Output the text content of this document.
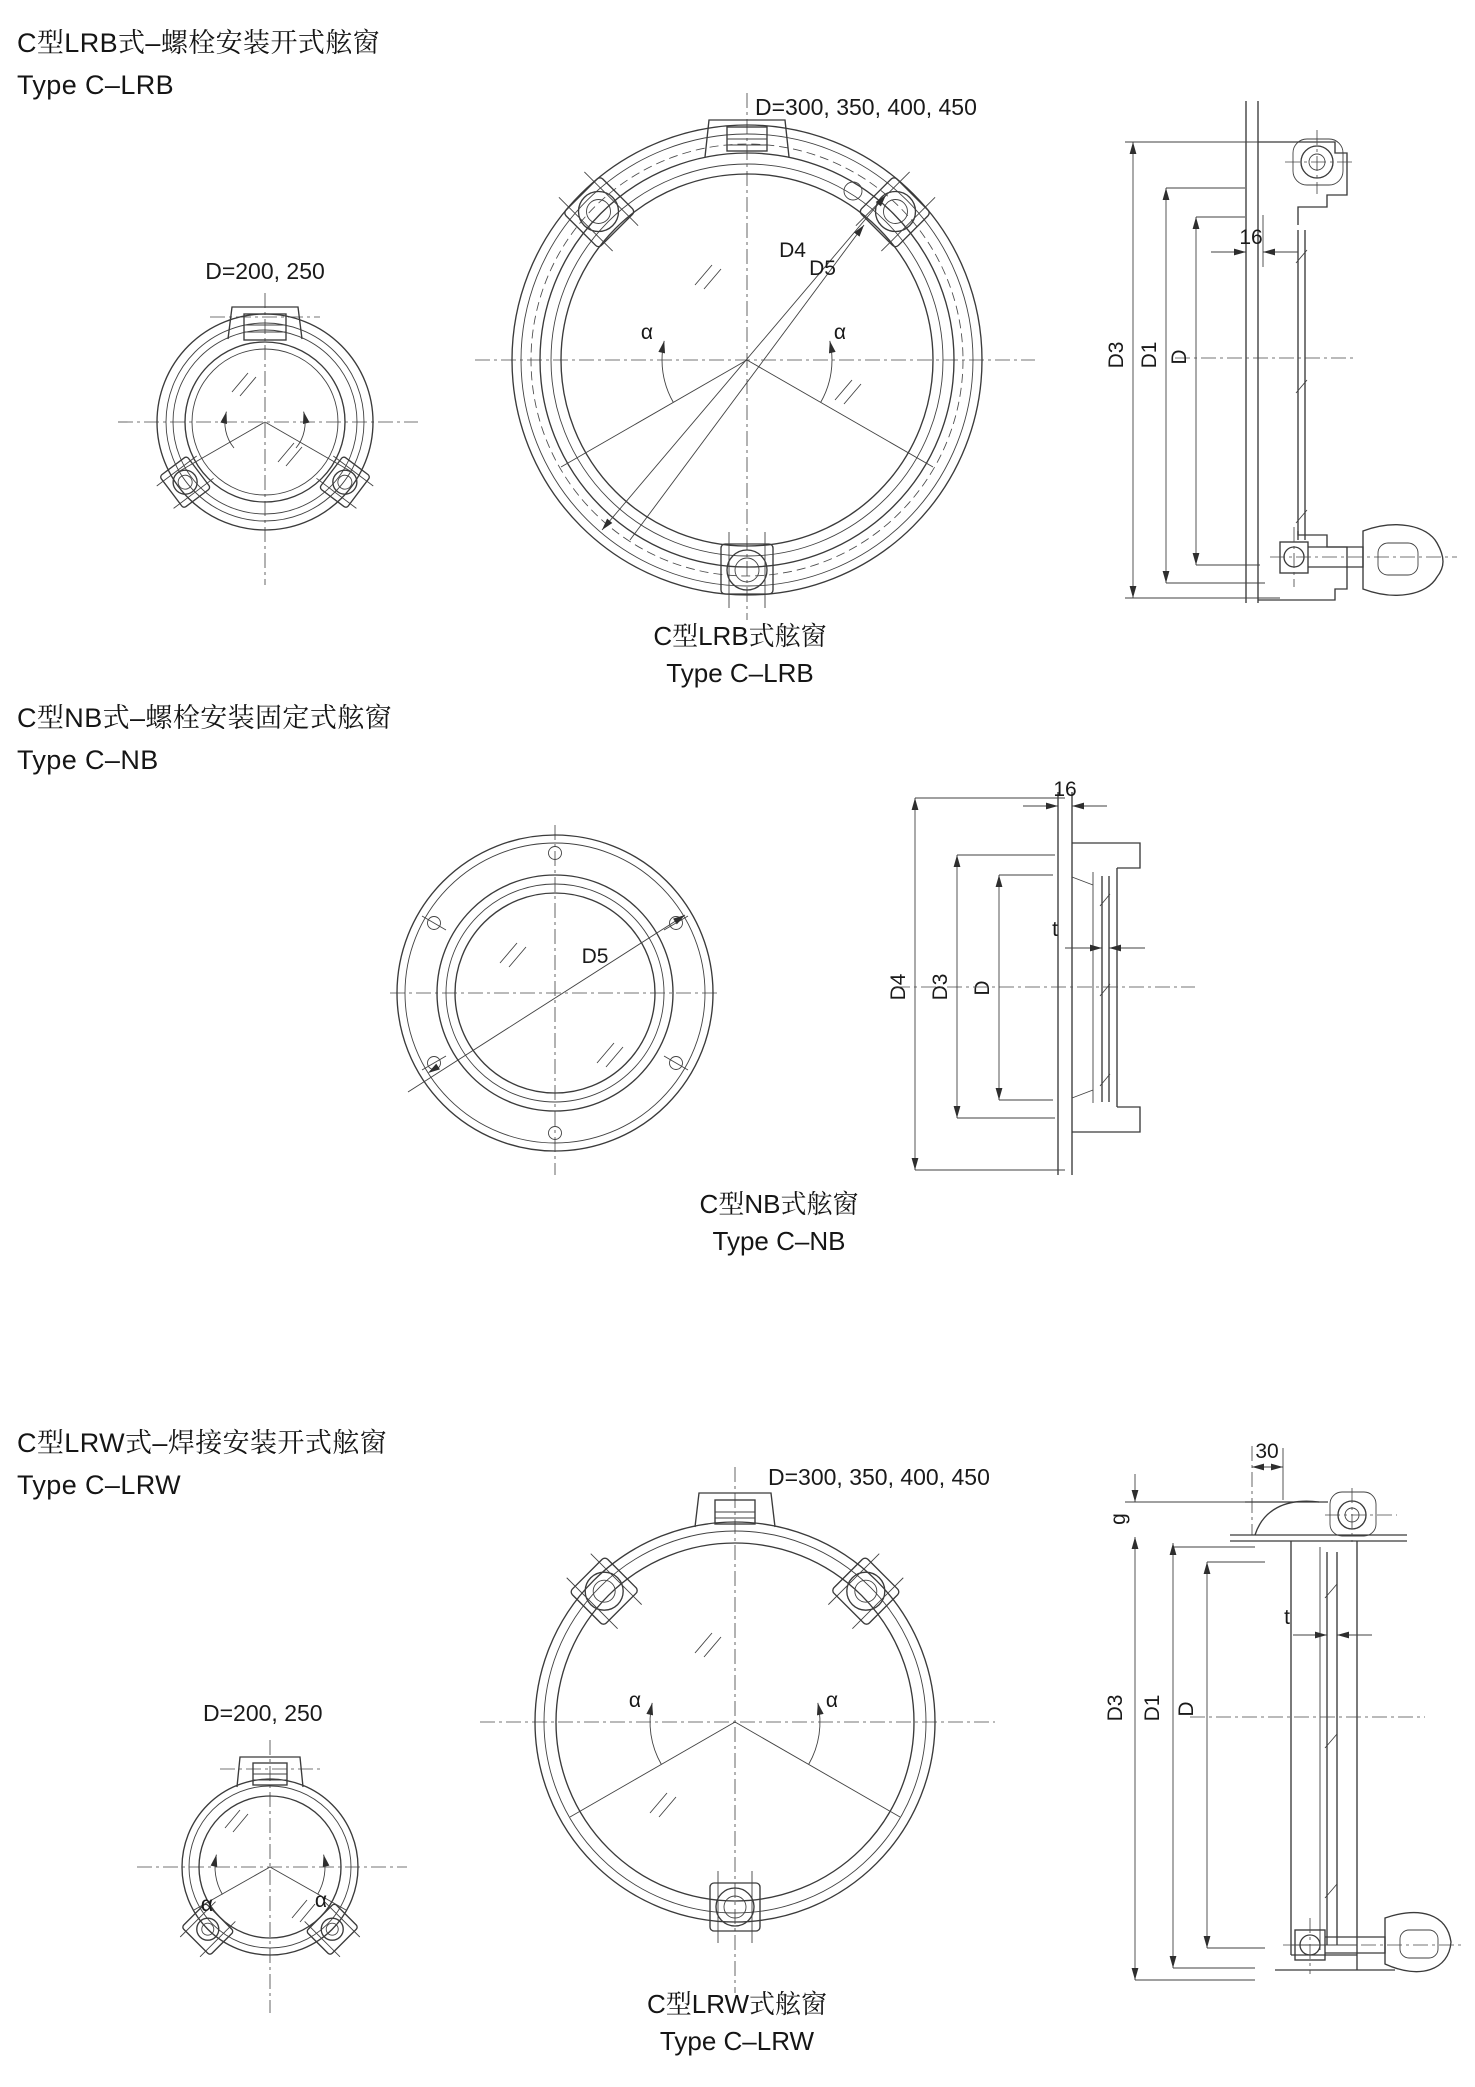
C型LRB式–螺栓安装开式舷窗
Type C–LRB
D=200, 250
D=300, 350, 400, 450
D4
D5
α	α
16
D3 D1 D
C型LRB式舷窗
Type C–LRB
C型NB式–螺栓安装固定式舷窗
Type C–NB
D5
16
t
D4 D3 D
C型NB式舷窗
Type C–NB
C型LRW式–焊接安装开式舷窗
Type C–LRW	D=300, 350, 400, 450
α	α
D=200, 250
α	α
30
t
g
D3 D1 D
C型LRW式舷窗
Type C–LRW
